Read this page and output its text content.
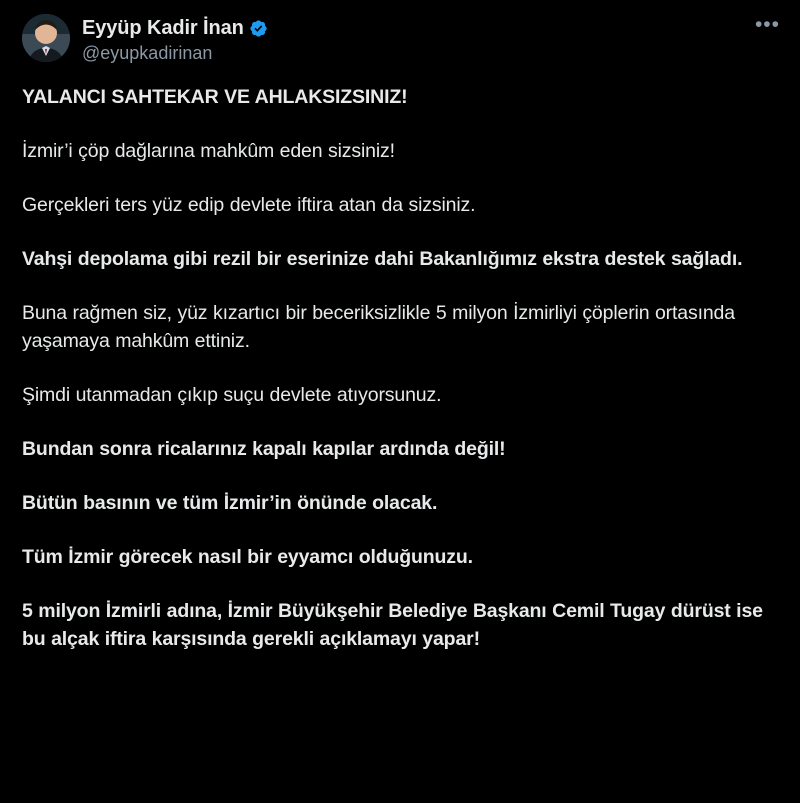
Eyyüp Kadir İnan
@eyupkadirinan
•••

YALANCI SAHTEKAR VE AHLAKSIZSINIZ!

İzmir’i çöp dağlarına mahkûm eden sizsiniz!

Gerçekleri ters yüz edip devlete iftira atan da sizsiniz.

Vahşi depolama gibi rezil bir eserinize dahi Bakanlığımız ekstra destek sağladı.

Buna rağmen siz, yüz kızartıcı bir beceriksizlikle 5 milyon İzmirliyi çöplerin ortasında yaşamaya mahkûm ettiniz.

Şimdi utanmadan çıkıp suçu devlete atıyorsunuz.

Bundan sonra ricalarınız kapalı kapılar ardında değil!

Bütün basının ve tüm İzmir’in önünde olacak.

Tüm İzmir görecek nasıl bir eyyamcı olduğunuzu.

5 milyon İzmirli adına, İzmir Büyükşehir Belediye Başkanı Cemil Tugay dürüst ise bu alçak iftira karşısında gerekli açıklamayı yapar!
